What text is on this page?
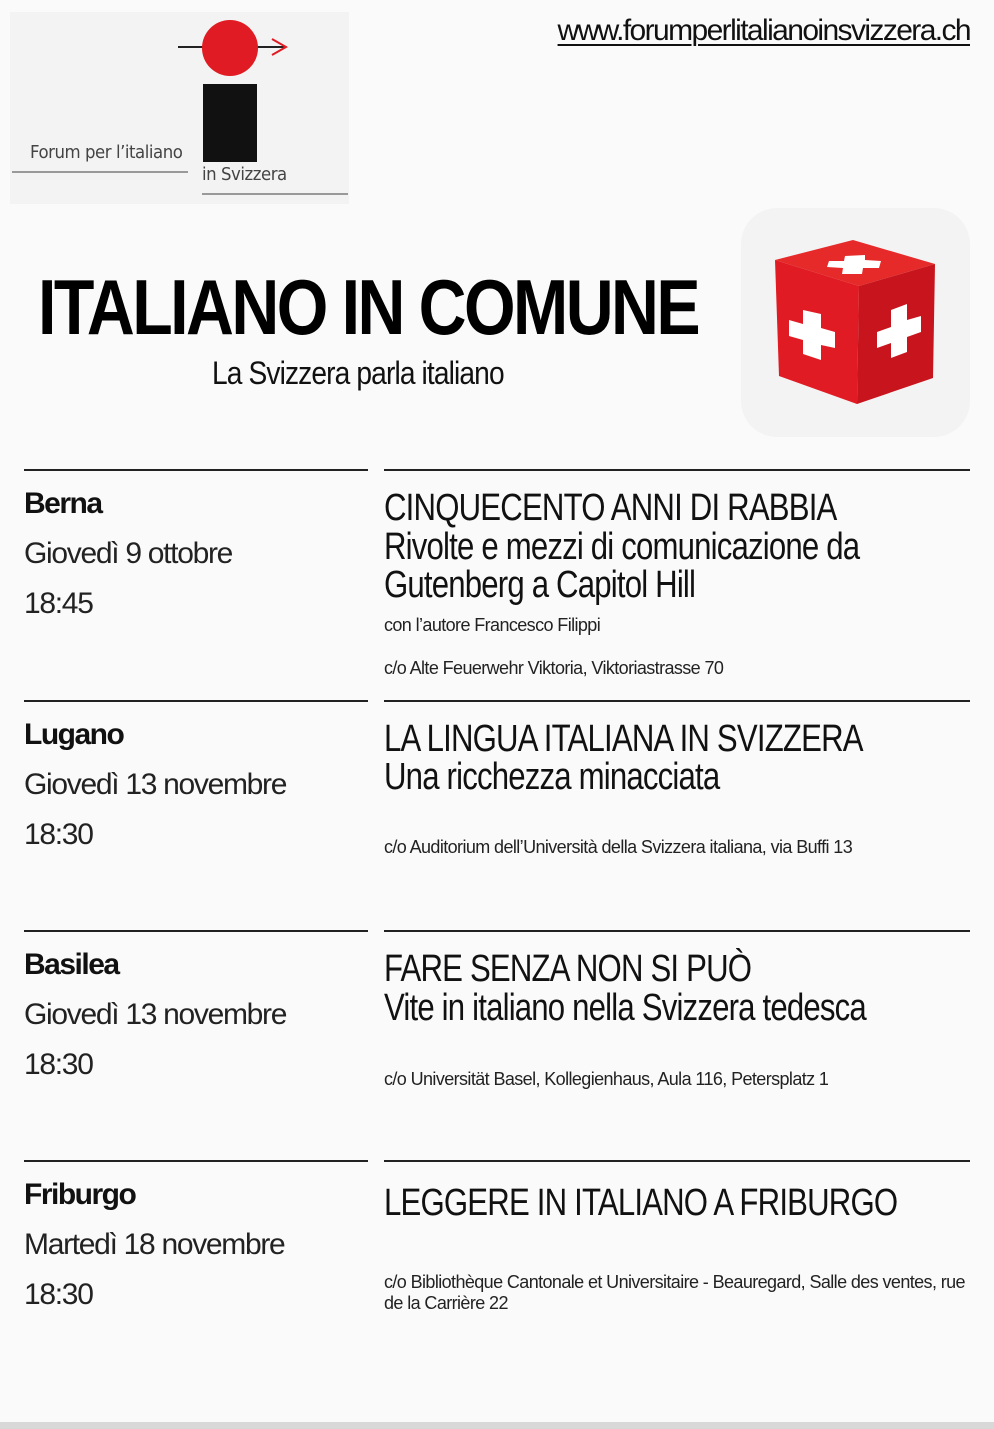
Forum per l’italiano
in Svizzera
www.forumperlitalianoinsvizzera.ch
ITALIANO IN COMUNE
La Svizzera parla italiano
Berna
Giovedì 9 ottobre
18:45
CINQUECENTO ANNI DI RABBIA
Rivolte e mezzi di comunicazione da Gutenberg a Capitol Hill
con l’autore Francesco Filippi
c/o Alte Feuerwehr Viktoria, Viktoriastrasse 70
Lugano
Giovedì 13 novembre
18:30
LA LINGUA ITALIANA IN SVIZZERA
Una ricchezza minacciata
c/o Auditorium dell’Università della Svizzera italiana, via Buffi 13
Basilea
Giovedì 13 novembre
18:30
FARE SENZA NON SI PUÒ
Vite in italiano nella Svizzera tedesca
c/o Universität Basel, Kollegienhaus, Aula 116, Petersplatz 1
Friburgo
Martedì 18 novembre
18:30
LEGGERE IN ITALIANO A FRIBURGO
c/o Bibliothèque Cantonale et Universitaire - Beauregard, Salle des ventes, rue de la Carrière 22
